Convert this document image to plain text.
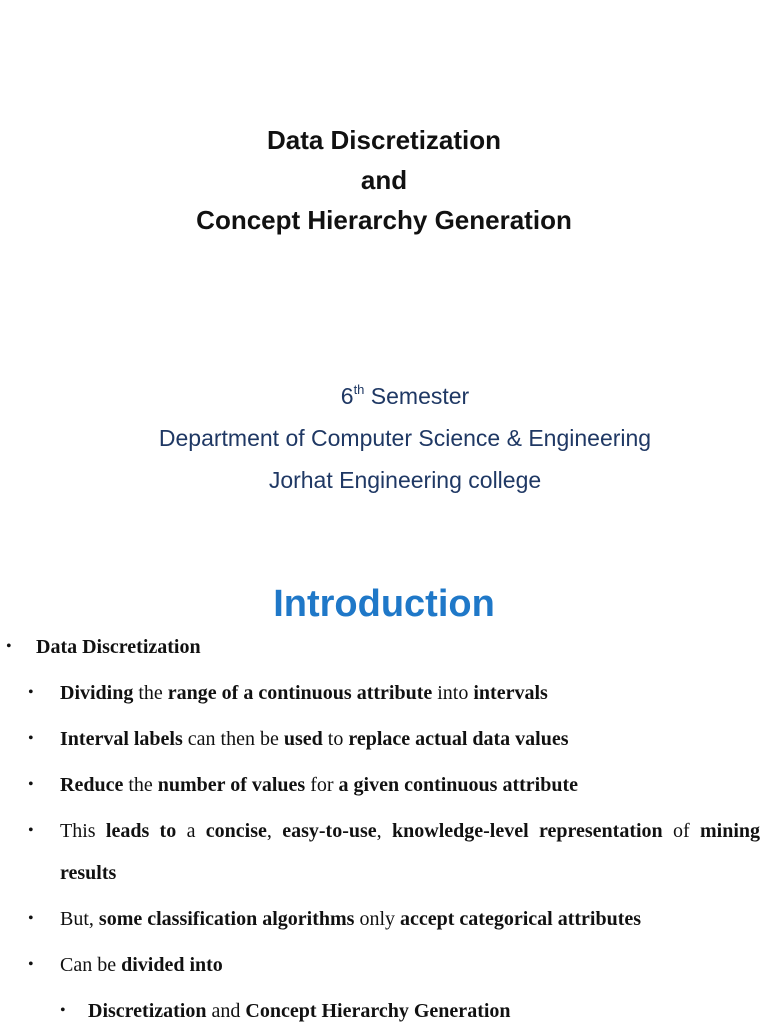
Data Discretization
and
Concept Hierarchy Generation
6th Semester
Department of Computer Science & Engineering
Jorhat Engineering college
Introduction
• Data Discretization
• Dividing the range of a continuous attribute into intervals
• Interval labels can then be used to replace actual data values
• Reduce the number of values for a given continuous attribute
• This leads to a concise, easy-to-use, knowledge-level representation of mining results
• But, some classification algorithms only accept categorical attributes
• Can be divided into
• Discretization and Concept Hierarchy Generation
